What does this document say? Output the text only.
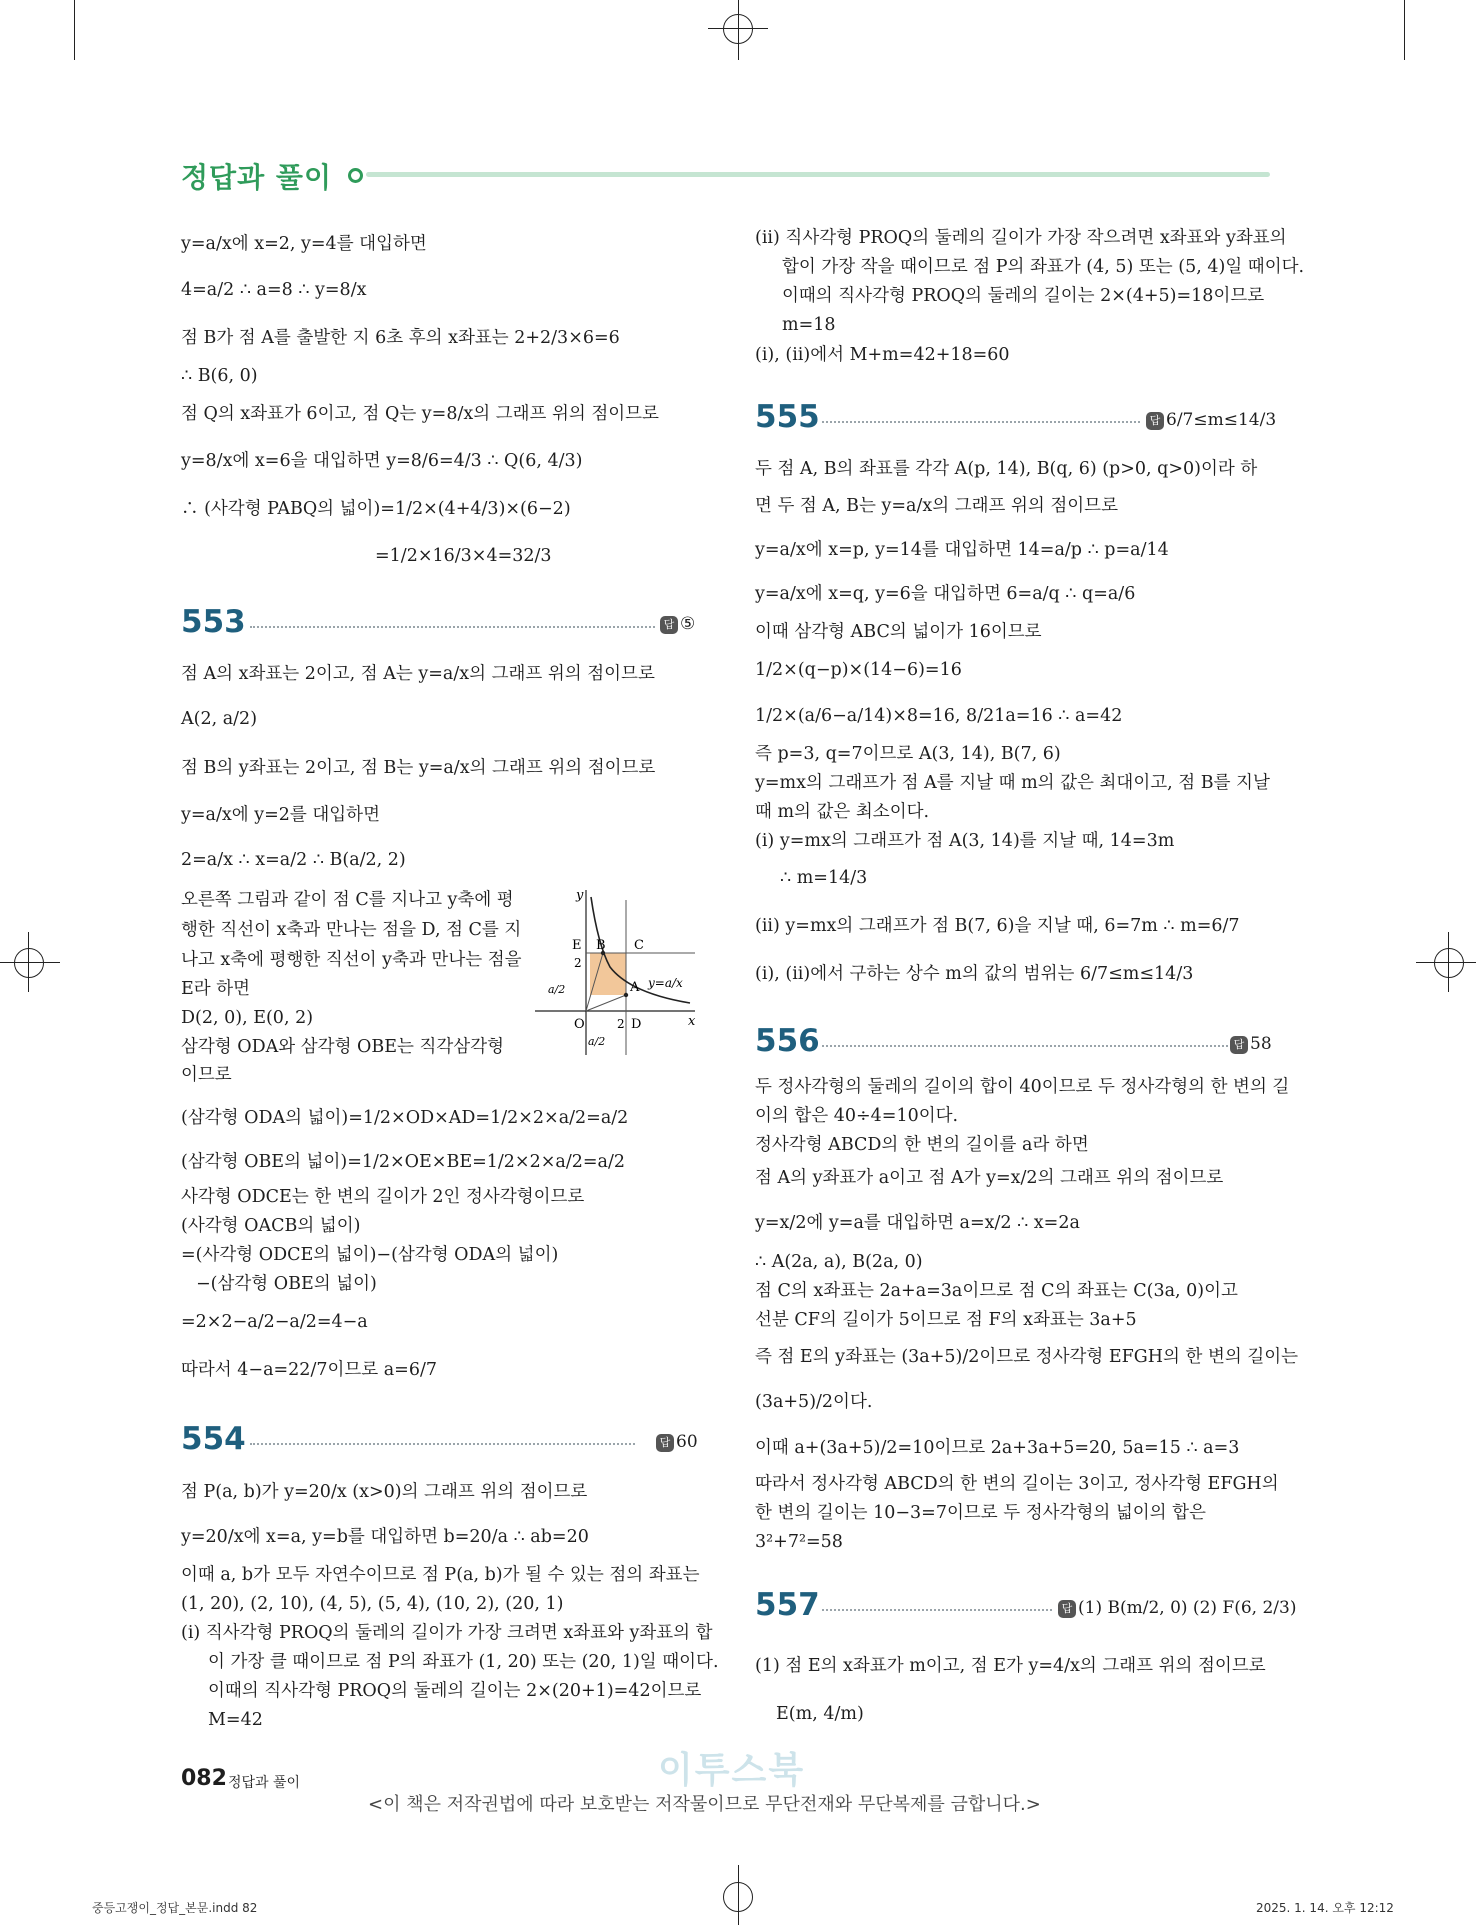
정답과 풀이
y=a/x에 x=2, y=4를 대입하면
4=a/2 ∴ a=8 ∴ y=8/x
점 B가 점 A를 출발한 지 6초 후의 x좌표는 2+2/3×6=6
∴ B(6, 0)
점 Q의 x좌표가 6이고, 점 Q는 y=8/x의 그래프 위의 점이므로
y=8/x에 x=6을 대입하면 y=8/6=4/3 ∴ Q(6, 4/3)
∴ (사각형 PABQ의 넓이)=1/2×(4+4/3)×(6−2)
=1/2×16/3×4=32/3
553	답 ⑤
점 A의 x좌표는 2이고, 점 A는 y=a/x의 그래프 위의 점이므로
A(2, a/2)
점 B의 y좌표는 2이고, 점 B는 y=a/x의 그래프 위의 점이므로
y=a/x에 y=2를 대입하면
2=a/x ∴ x=a/2 ∴ B(a/2, 2)
오른쪽 그림과 같이 점 C를 지나고 y축에 평
행한 직선이 x축과 만나는 점을 D, 점 C를 지
나고 x축에 평행한 직선이 y축과 만나는 점을
E라 하면
D(2, 0), E(0, 2)
삼각형 ODA와 삼각형 OBE는 직각삼각형
이므로
(삼각형 ODA의 넓이)=1/2×OD×AD=1/2×2×a/2=a/2
(삼각형 OBE의 넓이)=1/2×OE×BE=1/2×2×a/2=a/2
사각형 ODCE는 한 변의 길이가 2인 정사각형이므로
(사각형 OACB의 넓이)
=(사각형 ODCE의 넓이)−(삼각형 ODA의 넓이)
−(삼각형 OBE의 넓이)
=2×2−a/2−a/2=4−a
따라서 4−a=22/7이므로 a=6/7
y
x
O
E B C
A
D
2
2
y=a/x
a/2
a/2
554	답 60
점 P(a, b)가 y=20/x (x>0)의 그래프 위의 점이므로
y=20/x에 x=a, y=b를 대입하면 b=20/a ∴ ab=20
이때 a, b가 모두 자연수이므로 점 P(a, b)가 될 수 있는 점의 좌표는
(1, 20), (2, 10), (4, 5), (5, 4), (10, 2), (20, 1)
(i) 직사각형 PROQ의 둘레의 길이가 가장 크려면 x좌표와 y좌표의 합
이 가장 클 때이므로 점 P의 좌표가 (1, 20) 또는 (20, 1)일 때이다.
이때의 직사각형 PROQ의 둘레의 길이는 2×(20+1)=42이므로
M=42
(ii) 직사각형 PROQ의 둘레의 길이가 가장 작으려면 x좌표와 y좌표의
합이 가장 작을 때이므로 점 P의 좌표가 (4, 5) 또는 (5, 4)일 때이다.
이때의 직사각형 PROQ의 둘레의 길이는 2×(4+5)=18이므로
m=18
(i), (ii)에서 M+m=42+18=60
555	답 6/7≤m≤14/3
두 점 A, B의 좌표를 각각 A(p, 14), B(q, 6) (p>0, q>0)이라 하
면 두 점 A, B는 y=a/x의 그래프 위의 점이므로
y=a/x에 x=p, y=14를 대입하면 14=a/p ∴ p=a/14
y=a/x에 x=q, y=6을 대입하면 6=a/q ∴ q=a/6
이때 삼각형 ABC의 넓이가 16이므로
1/2×(q−p)×(14−6)=16
1/2×(a/6−a/14)×8=16, 8/21a=16 ∴ a=42
즉 p=3, q=7이므로 A(3, 14), B(7, 6)
y=mx의 그래프가 점 A를 지날 때 m의 값은 최대이고, 점 B를 지날
때 m의 값은 최소이다.
(i) y=mx의 그래프가 점 A(3, 14)를 지날 때, 14=3m
∴ m=14/3
(ii) y=mx의 그래프가 점 B(7, 6)을 지날 때, 6=7m ∴ m=6/7
(i), (ii)에서 구하는 상수 m의 값의 범위는 6/7≤m≤14/3
556	답 58
두 정사각형의 둘레의 길이의 합이 40이므로 두 정사각형의 한 변의 길
이의 합은 40÷4=10이다.
정사각형 ABCD의 한 변의 길이를 a라 하면
점 A의 y좌표가 a이고 점 A가 y=x/2의 그래프 위의 점이므로
y=x/2에 y=a를 대입하면 a=x/2 ∴ x=2a
∴ A(2a, a), B(2a, 0)
점 C의 x좌표는 2a+a=3a이므로 점 C의 좌표는 C(3a, 0)이고
선분 CF의 길이가 5이므로 점 F의 x좌표는 3a+5
즉 점 E의 y좌표는 (3a+5)/2이므로 정사각형 EFGH의 한 변의 길이는
(3a+5)/2이다.
이때 a+(3a+5)/2=10이므로 2a+3a+5=20, 5a=15 ∴ a=3
따라서 정사각형 ABCD의 한 변의 길이는 3이고, 정사각형 EFGH의
한 변의 길이는 10−3=7이므로 두 정사각형의 넓이의 합은
3²+7²=58
557	답 (1) B(m/2, 0) (2) F(6, 2/3)
(1) 점 E의 x좌표가 m이고, 점 E가 y=4/x의 그래프 위의 점이므로
E(m, 4/m)
082 정답과 풀이	이투스북
<이 책은 저작권법에 따라 보호받는 저작물이므로 무단전재와 무단복제를 금합니다.>
중등고쟁이_정답_본문.indd 82	2025. 1. 14. 오후 12:12
